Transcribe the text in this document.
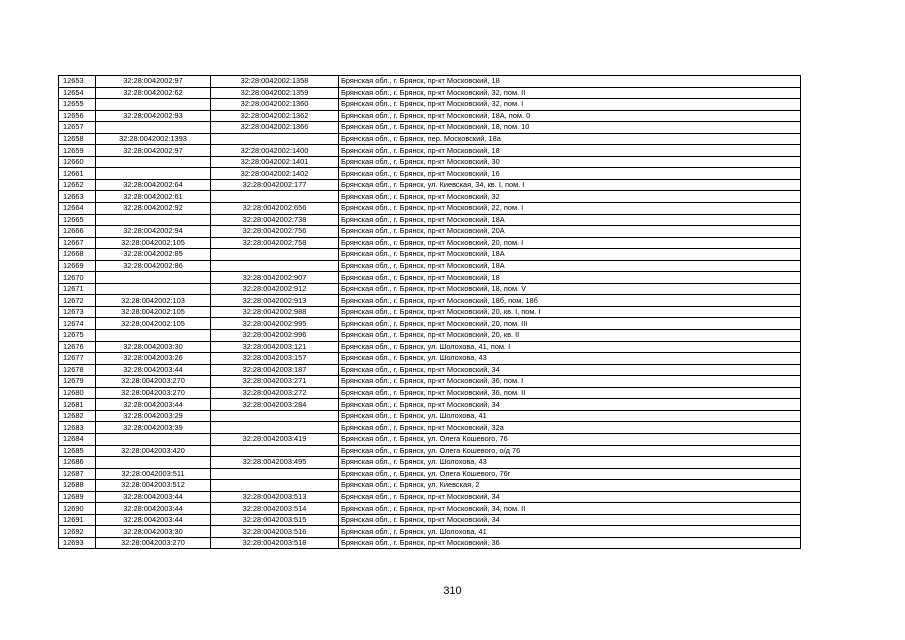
12653	32:28:0042002:97	32:28:0042002:1358	Брянская обл., г. Брянск, пр-кт Московский, 18
12654	32:28:0042002:62	32:28:0042002:1359	Брянская обл., г. Брянск, пр-кт Московский, 32, пом. II
12655		32:28:0042002:1360	Брянская обл., г. Брянск, пр-кт Московский, 32, пом. I
12656	32:28:0042002:93	32:28:0042002:1362	Брянская обл., г. Брянск, пр-кт Московский, 18А, пом. 0
12657		32:28:0042002:1366	Брянская обл., г. Брянск, пр-кт Московский, 18, пом. 10
12658	32:28:0042002:1393		Брянская обл., г. Брянск, пер. Московский, 18а
12659	32:28:0042002:97	32:28:0042002:1400	Брянская обл., г. Брянск, пр-кт Московский, 18
12660		32:28:0042002:1401	Брянская обл., г. Брянск, пр-кт Московский, 30
12661		32:28:0042002:1402	Брянская обл., г. Брянск, пр-кт Московский, 16
12662	32:28:0042002:64	32:28:0042002:177	Брянская обл., г. Брянск, ул. Киевская, 34, кв. I, пом. I
12663	32:28:0042002:61		Брянская обл., г. Брянск, пр-кт Московский, 32
12664	32:28:0042002:92	32:28:0042002:656	Брянская обл., г. Брянск, пр-кт Московский, 22, пом. I
12665		32:28:0042002:738	Брянская обл., г. Брянск, пр-кт Московский, 18А
12666	32:28:0042002:94	32:28:0042002:756	Брянская обл., г. Брянск, пр-кт Московский, 20А
12667	32:28:0042002:105	32:28:0042002:758	Брянская обл., г. Брянск, пр-кт Московский, 20, пом. I
12668	32:28:0042002:85		Брянская обл., г. Брянск, пр-кт Московский, 18А
12669	32:28:0042002:86		Брянская обл., г. Брянск, пр-кт Московский, 18А
12670		32:28:0042002:907	Брянская обл., г. Брянск, пр-кт Московский, 18
12671		32:28:0042002:912	Брянская обл., г. Брянск, пр-кт Московский, 18, пом. V
12672	32:28:0042002:103	32:28:0042002:913	Брянская обл., г. Брянск, пр-кт Московский, 18б, пом. 18б
12673	32:28:0042002:105	32:28:0042002:988	Брянская обл., г. Брянск, пр-кт Московский, 20, кв. I, пом. I
12674	32:28:0042002:105	32:28:0042002:995	Брянская обл., г. Брянск, пр-кт Московский, 20, пом. III
12675		32:28:0042002:996	Брянская обл., г. Брянск, пр-кт Московский, 20, кв. II
12676	32:28:0042003:30	32:28:0042003:121	Брянская обл., г. Брянск, ул. Шолохова, 41, пом. I
12677	32:28:0042003:26	32:28:0042003:157	Брянская обл., г. Брянск, ул. Шолохова, 43
12678	32:28:0042003:44	32:28:0042003:187	Брянская обл., г. Брянск, пр-кт Московский, 34
12679	32:28:0042003:270	32:28:0042003:271	Брянская обл., г. Брянск, пр-кт Московский, 36, пом. I
12680	32:28:0042003:270	32:28:0042003:272	Брянская обл., г. Брянск, пр-кт Московский, 36, пом. II
12681	32:28:0042003:44	32:28:0042003:284	Брянская обл., г. Брянск, пр-кт Московский, 34
12682	32:28:0042003:29		Брянская обл., г. Брянск, ул. Шолохова, 41
12683	32:28:0042003:39		Брянская обл., г. Брянск, пр-кт Московский, 32а
12684		32:28:0042003:419	Брянская обл., г. Брянск, ул. Олега Кошевого, 76
12685	32:28:0042003:420		Брянская обл., г. Брянск, ул. Олега Кошевого, о/д 76
12686		32:28:0042003:495	Брянская обл., г. Брянск, ул. Шолохова, 43
12687	32:28:0042003:511		Брянская обл., г. Брянск, ул. Олега Кошевого, 76г
12688	32:28:0042003:512		Брянская обл., г. Брянск, ул. Киевская, 2
12689	32:28:0042003:44	32:28:0042003:513	Брянская обл., г. Брянск, пр-кт Московский, 34
12690	32:28:0042003:44	32:28:0042003:514	Брянская обл., г. Брянск, пр-кт Московский, 34, пом. II
12691	32:28:0042003:44	32:28:0042003:515	Брянская обл., г. Брянск, пр-кт Московский, 34
12692	32:28:0042003:30	32:28:0042003:516	Брянская обл., г. Брянск, ул. Шолохова, 41
12693	32:28:0042003:270	32:28:0042003:518	Брянская обл., г. Брянск, пр-кт Московский, 36
310
